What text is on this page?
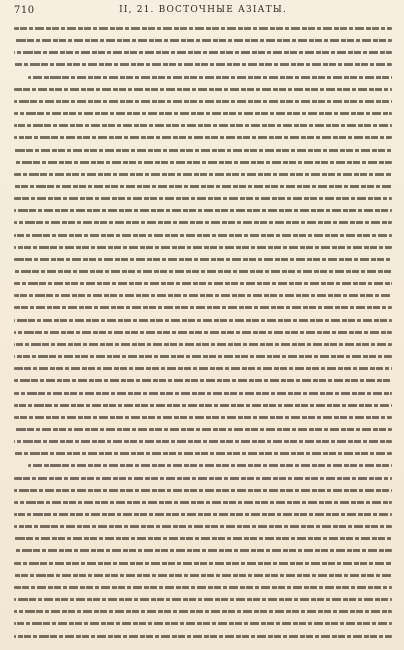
710	II, 21. ВОСТОЧНЫЕ АЗІАТЫ.
